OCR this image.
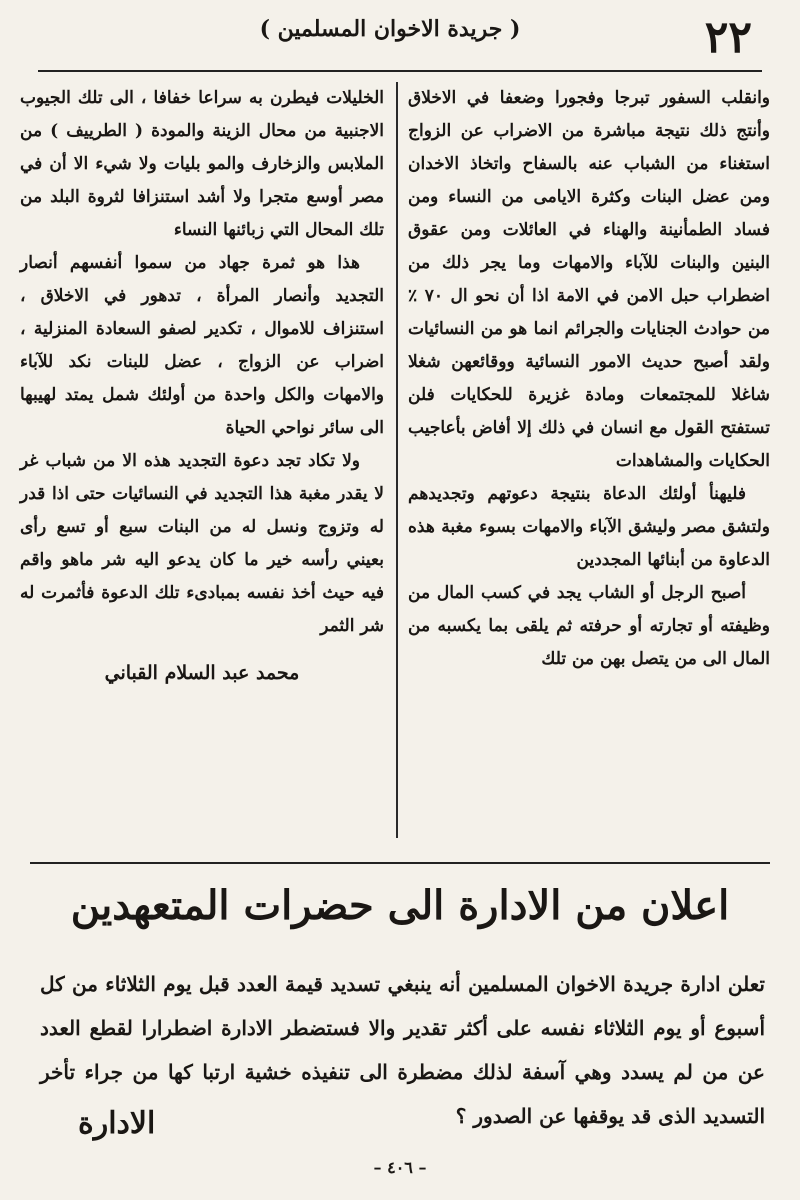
٢٢
( جريدة الاخوان المسلمين )

وانقلب السفور تبرجا وفجورا وضعفا في الاخلاق وأنتج ذلك نتيجة مباشرة من الاضراب عن الزواج استغناء من الشباب عنه بالسفاح واتخاذ الاخدان ومن عضل البنات وكثرة الايامى من النساء ومن فساد الطمأنينة والهناء في العائلات ومن عقوق البنين والبنات للآباء والامهات وما يجر ذلك من اضطراب حبل الامن في الامة اذا أن نحو ال ٧٠ ٪ من حوادث الجنايات والجرائم انما هو من النسائيات ولقد أصبح حديث الامور النسائية ووقائعهن شغلا شاغلا للمجتمعات ومادة غزيرة للحكايات فلن تستفتح القول مع انسان في ذلك إلا أفاض بأعاجيب الحكايات والمشاهدات

فليهنأ أولئك الدعاة بنتيجة دعوتهم وتجديدهم ولتشق مصر وليشق الآباء والامهات بسوء مغبة هذه الدعاوة من أبنائها المجددين

أصبح الرجل أو الشاب يجد في كسب المال من وظيفته أو تجارته أو حرفته ثم يلقى بما يكسبه من المال الى من يتصل بهن من تلك

الخليلات فيطرن به سراعا خفافا ، الى تلك الجيوب الاجنبية من محال الزينة والمودة ( الطرييف ) من الملابس والزخارف والمو بليات ولا شيء الا أن في مصر أوسع متجرا ولا أشد استنزافا لثروة البلد من تلك المحال التي زبائنها النساء

هذا هو ثمرة جهاد من سموا أنفسهم أنصار التجديد وأنصار المرأة ، تدهور في الاخلاق ، استنزاف للاموال ، تكدير لصفو السعادة المنزلية ، اضراب عن الزواج ، عضل للبنات نكد للآباء والامهات والكل واحدة من أولئك شمل يمتد لهيبها الى سائر نواحي الحياة

ولا تكاد تجد دعوة التجديد هذه الا من شباب غر لا يقدر مغبة هذا التجديد في النسائيات حتى اذا قدر له وتزوج ونسل له من البنات سبع أو تسع رأى بعيني رأسه خير ما كان يدعو اليه شر ماهو واقم فيه حيث أخذ نفسه بمبادىء تلك الدعوة فأثمرت له شر الثمر

محمد عبد السلام القباني
اعلان من الادارة الى حضرات المتعهدين
تعلن ادارة جريدة الاخوان المسلمين أنه ينبغي تسديد قيمة العدد قبل يوم الثلاثاء من كل أسبوع أو يوم الثلاثاء نفسه على أكثر تقدير والا فستضطر الادارة اضطرارا لقطع العدد عن من لم يسدد وهي آسفة لذلك مضطرة الى تنفيذه خشية ارتبا كها من جراء تأخر التسديد الذى قد يوقفها عن الصدور ؟
الادارة
– ٤٠٦ –
